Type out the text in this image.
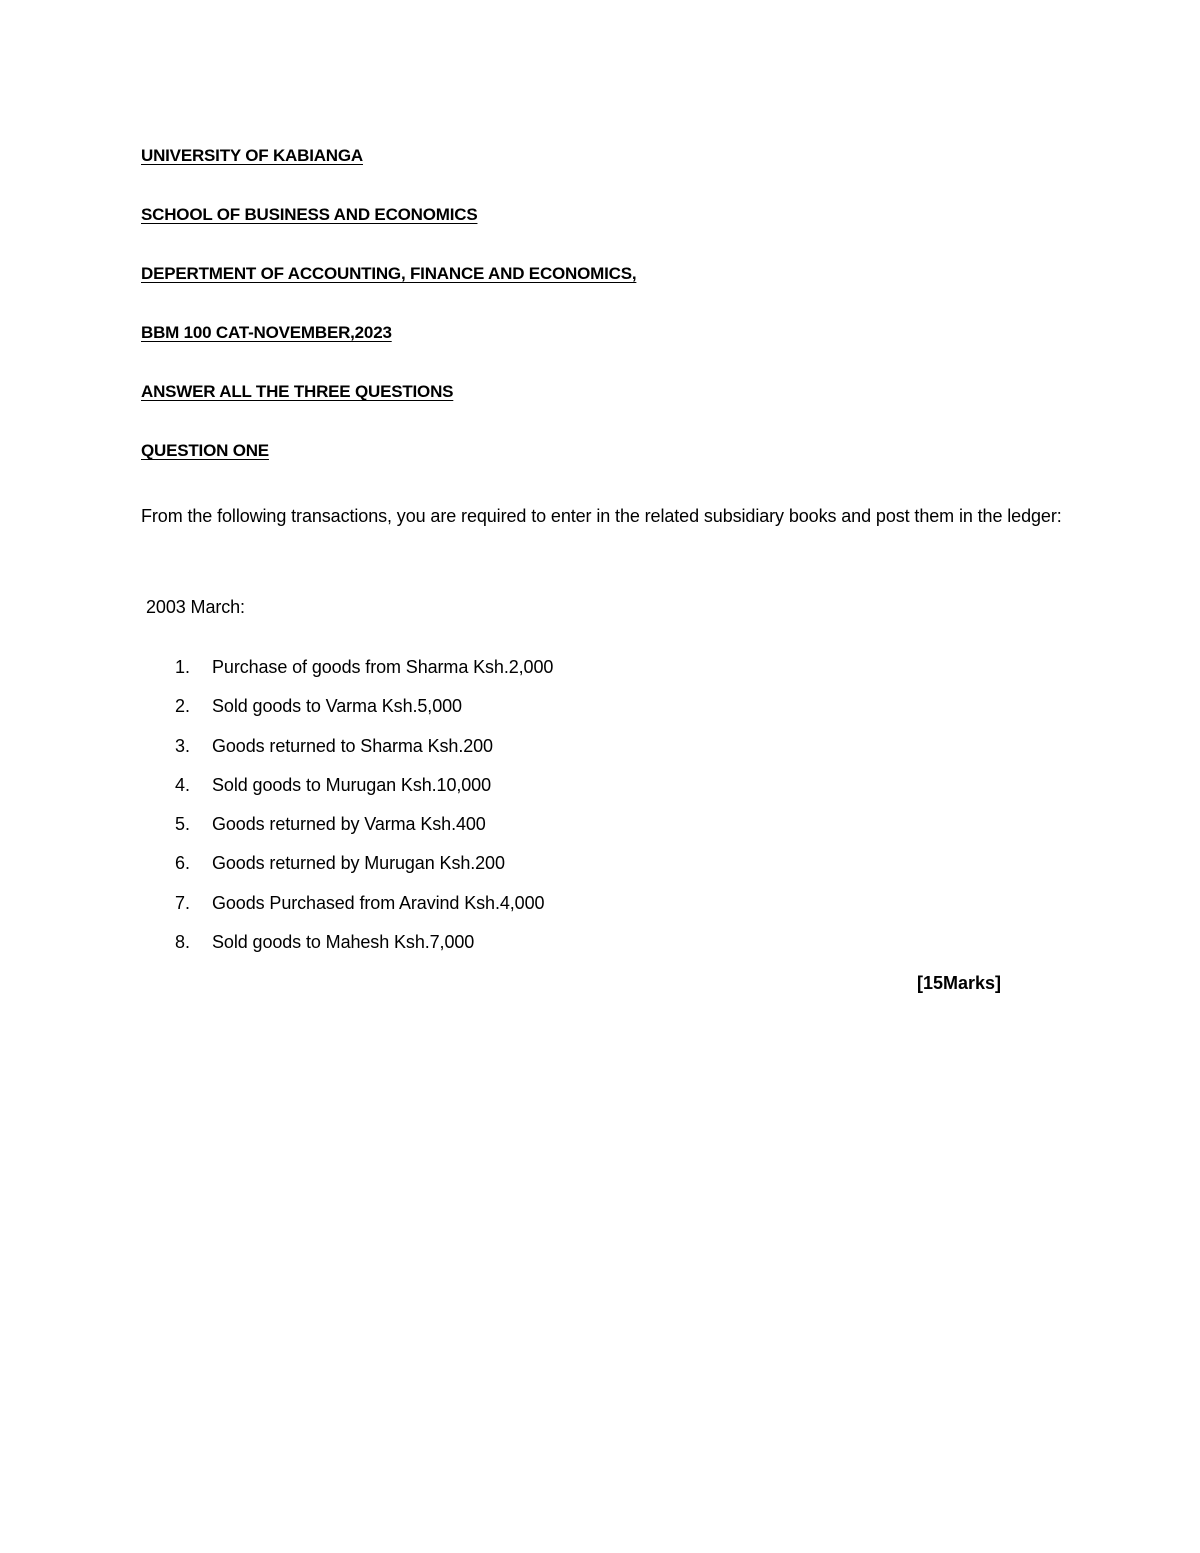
UNIVERSITY OF KABIANGA

SCHOOL OF BUSINESS AND ECONOMICS

DEPERTMENT OF ACCOUNTING, FINANCE AND ECONOMICS,

BBM 100 CAT-NOVEMBER,2023

ANSWER ALL THE THREE QUESTIONS

QUESTION ONE

From the following transactions, you are required to enter in the related subsidiary books and post them in the ledger:

2003 March:

1. Purchase of goods from Sharma Ksh.2,000
2. Sold goods to Varma Ksh.5,000
3. Goods returned to Sharma Ksh.200
4. Sold goods to Murugan Ksh.10,000
5. Goods returned by Varma Ksh.400
6. Goods returned by Murugan Ksh.200
7. Goods Purchased from Aravind Ksh.4,000
8. Sold goods to Mahesh Ksh.7,000

[15Marks]
